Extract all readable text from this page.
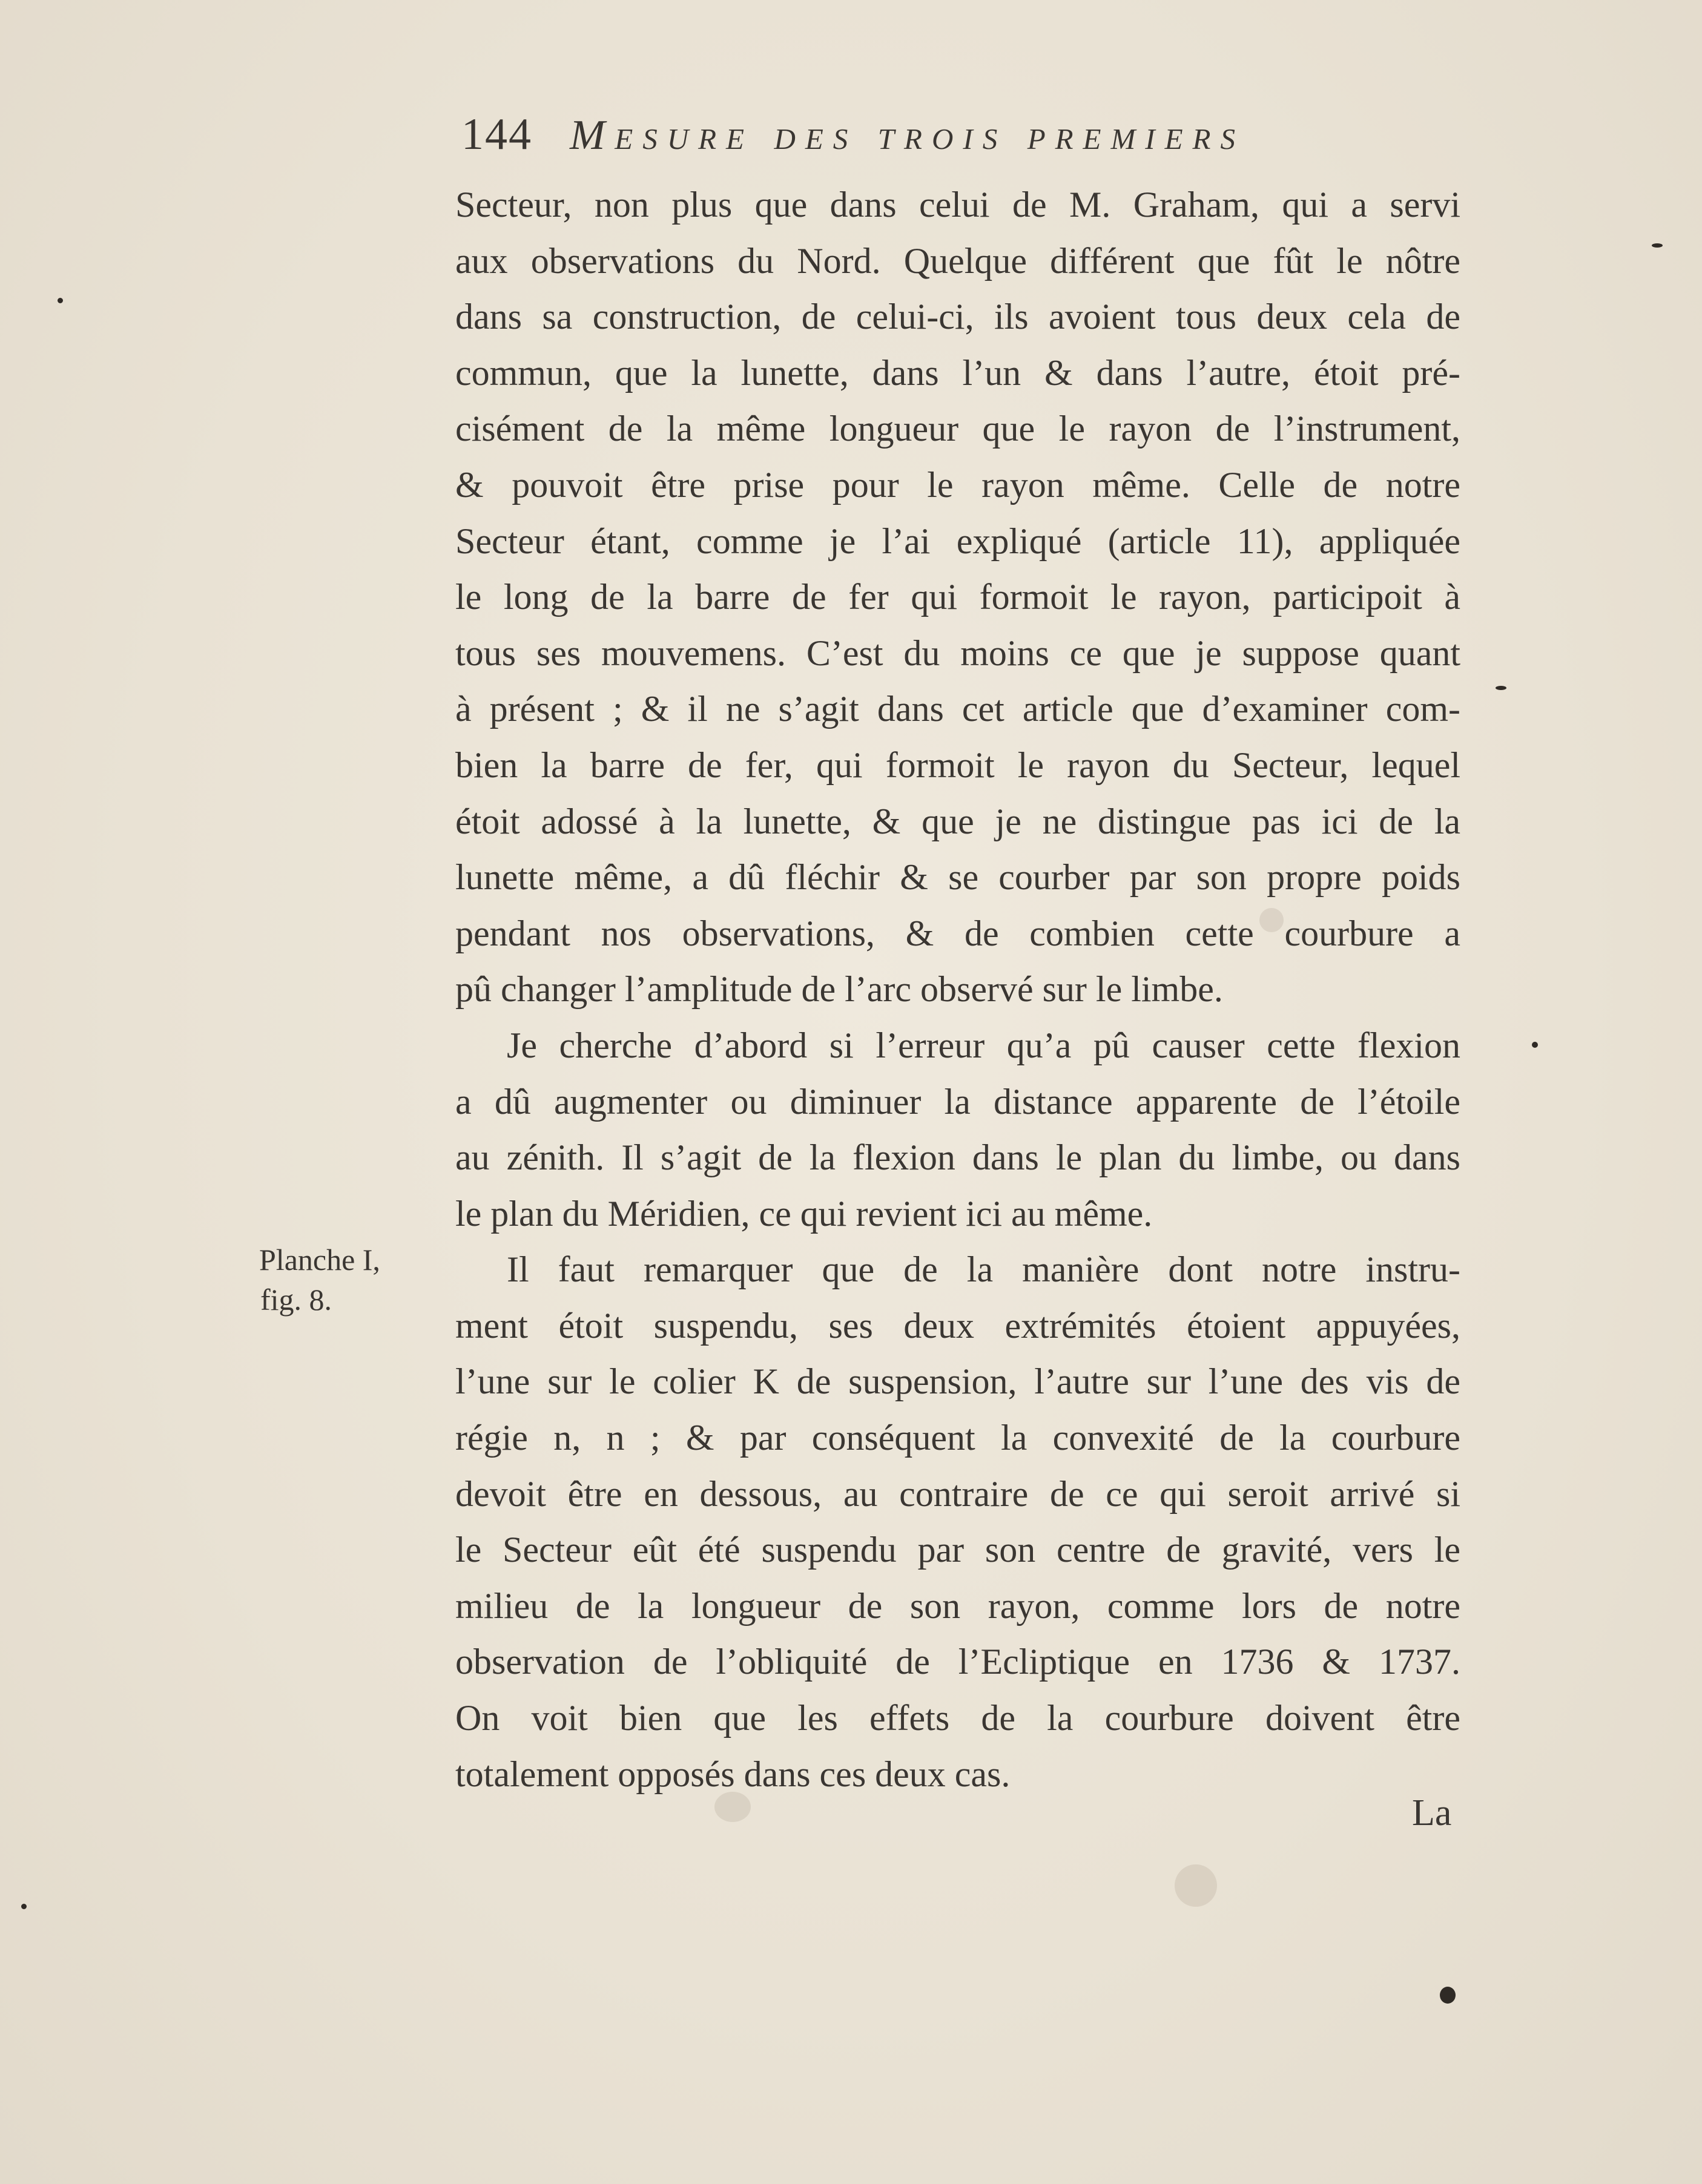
144 Mesure des trois premiers
Secteur, non plus que dans celui de M. Graham, qui a servi
aux observations du Nord. Quelque différent que fût le nôtre
dans sa construction, de celui-ci, ils avoient tous deux cela de
commun, que la lunette, dans l’un & dans l’autre, étoit pré-
cisément de la même longueur que le rayon de l’instrument,
& pouvoit être prise pour le rayon même. Celle de notre
Secteur étant, comme je l’ai expliqué (article 11), appliquée
le long de la barre de fer qui formoit le rayon, participoit à
tous ses mouvemens. C’est du moins ce que je suppose quant
à présent ; & il ne s’agit dans cet article que d’examiner com-
bien la barre de fer, qui formoit le rayon du Secteur, lequel
étoit adossé à la lunette, & que je ne distingue pas ici de la
lunette même, a dû fléchir & se courber par son propre poids
pendant nos observations, & de combien cette courbure a
pû changer l’amplitude de l’arc observé sur le limbe.
Je cherche d’abord si l’erreur qu’a pû causer cette flexion
a dû augmenter ou diminuer la distance apparente de l’étoile
au zénith. Il s’agit de la flexion dans le plan du limbe, ou dans
le plan du Méridien, ce qui revient ici au même.
Il faut remarquer que de la manière dont notre instru-
ment étoit suspendu, ses deux extrémités étoient appuyées,
l’une sur le colier K de suspension, l’autre sur l’une des vis de
régie n, n ; & par conséquent la convexité de la courbure
devoit être en dessous, au contraire de ce qui seroit arrivé si
le Secteur eût été suspendu par son centre de gravité, vers le
milieu de la longueur de son rayon, comme lors de notre
observation de l’obliquité de l’Ecliptique en 1736 & 1737.
On voit bien que les effets de la courbure doivent être
totalement opposés dans ces deux cas.
Planche I,
fig. 8.
La
